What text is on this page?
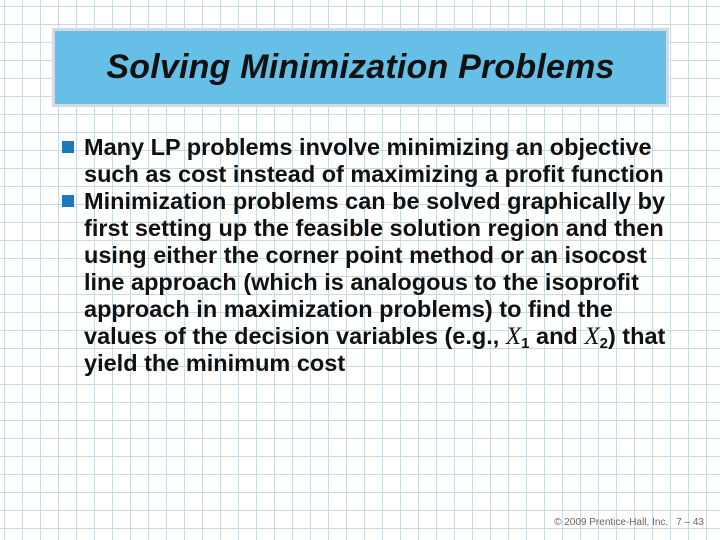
Solving Minimization Problems
Many LP problems involve minimizing an objective such as cost instead of maximizing a profit function
Minimization problems can be solved graphically by first setting up the feasible solution region and then using either the corner point method or an isocost line approach (which is analogous to the isoprofit approach in maximization problems) to find the values of the decision variables (e.g., X1 and X2) that yield the minimum cost
© 2009 Prentice-Hall, Inc. 7 – 43
